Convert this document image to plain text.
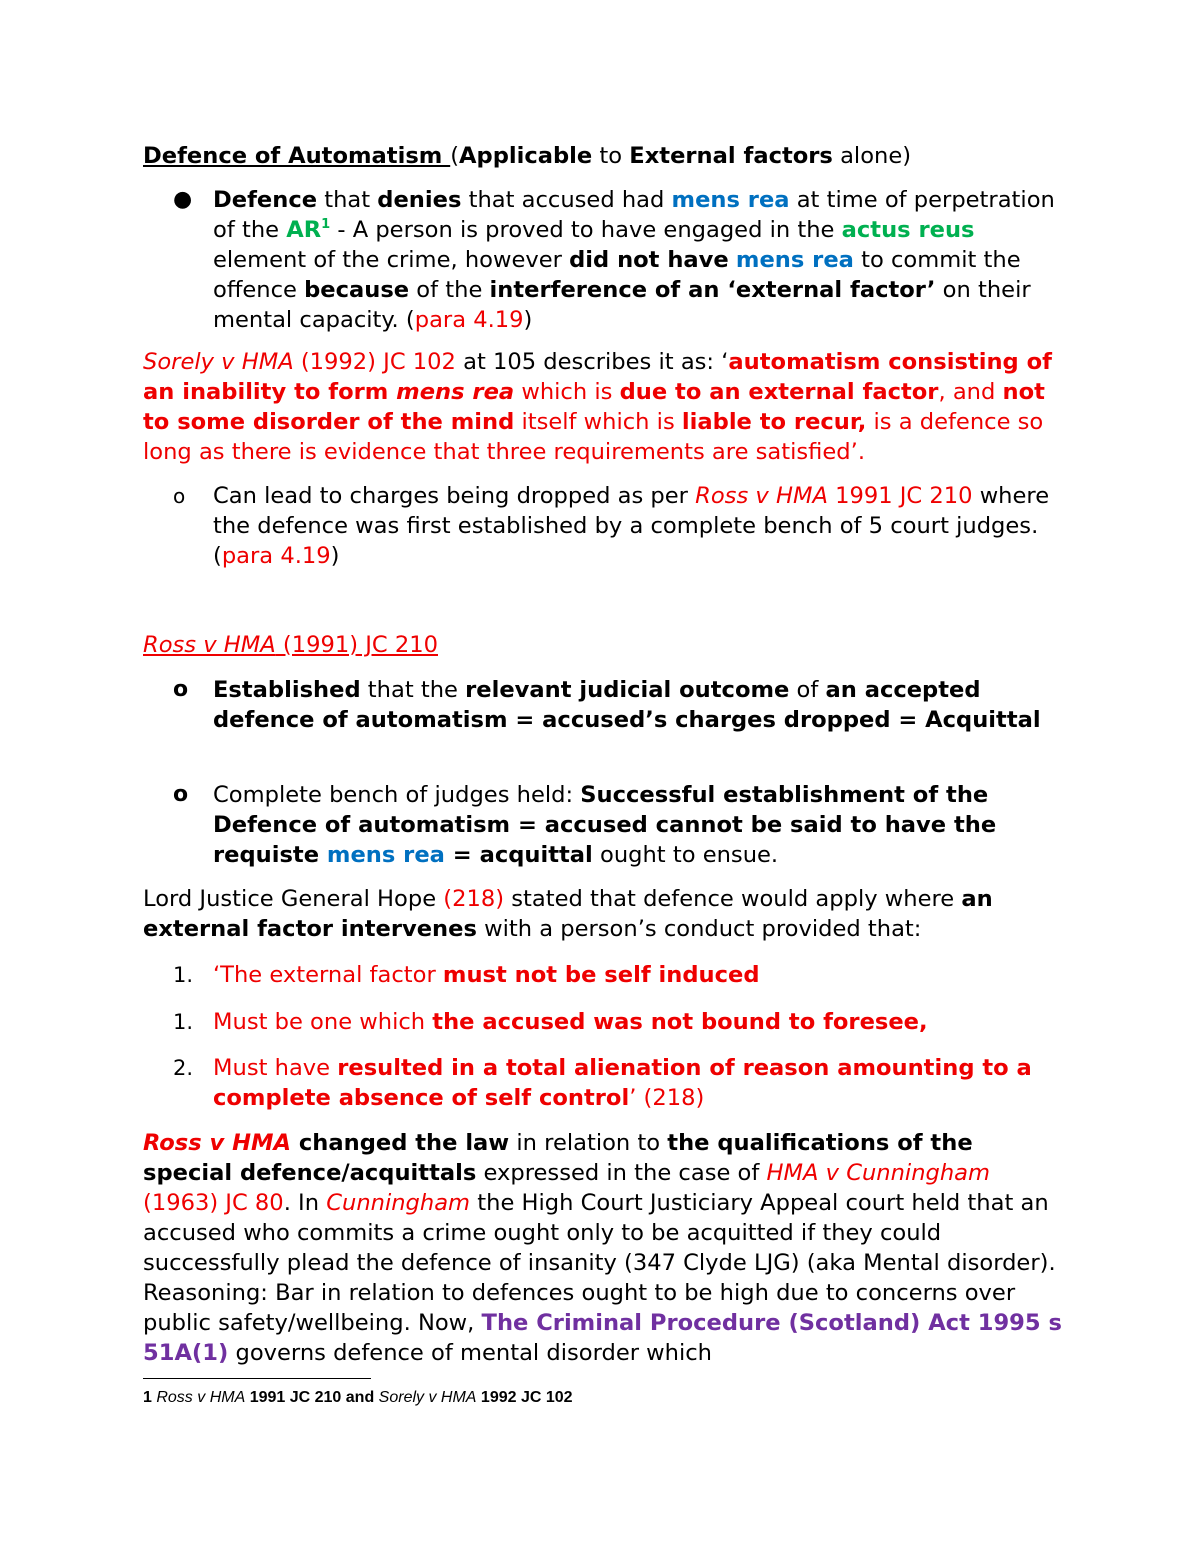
Defence of Automatism (Applicable to External factors alone)

● Defence that denies that accused had mens rea at time of perpetration of the $AR^1$ - A person is proved to have engaged in the actus reus element of the crime, however did not have mens rea to commit the offence because of the interference of an ‘external factor’ on their mental capacity. (para 4.19)

Sorely v HMA (1992) JC 102 at 105 describes it as: ‘automatism consisting of an inability to form mens rea which is due to an external factor, and not to some disorder of the mind itself which is liable to recur, is a defence so long as there is evidence that three requirements are satisfied’.

o	Can lead to charges being dropped as per Ross v HMA 1991 JC 210 where the defence was first established by a complete bench of 5 court judges. (para 4.19)

Ross v HMA (1991) JC 210

o	Established that the relevant judicial outcome of an accepted defence of automatism = accused’s charges dropped = Acquittal

o	Complete bench of judges held: Successful establishment of the Defence of automatism = accused cannot be said to have the requiste mens rea = acquittal ought to ensue.

Lord Justice General Hope (218) stated that defence would apply where an external factor intervenes with a person’s conduct provided that:

1. ‘The external factor must not be self induced

1. Must be one which the accused was not bound to foresee,

2. Must have resulted in a total alienation of reason amounting to a complete absence of self control’ (218)

Ross v HMA changed the law in relation to the qualifications of the special defence/acquittals expressed in the case of HMA v Cunningham (1963) JC 80. In Cunningham the High Court Justiciary Appeal court held that an accused who commits a crime ought only to be acquitted if they could successfully plead the defence of insanity (347 Clyde LJG) (aka Mental disorder). Reasoning: Bar in relation to defences ought to be high due to concerns over public safety/wellbeing. Now, The Criminal Procedure (Scotland) Act 1995 s 51A(1) governs defence of mental disorder which

1 Ross v HMA 1991 JC 210 and Sorely v HMA 1992 JC 102
